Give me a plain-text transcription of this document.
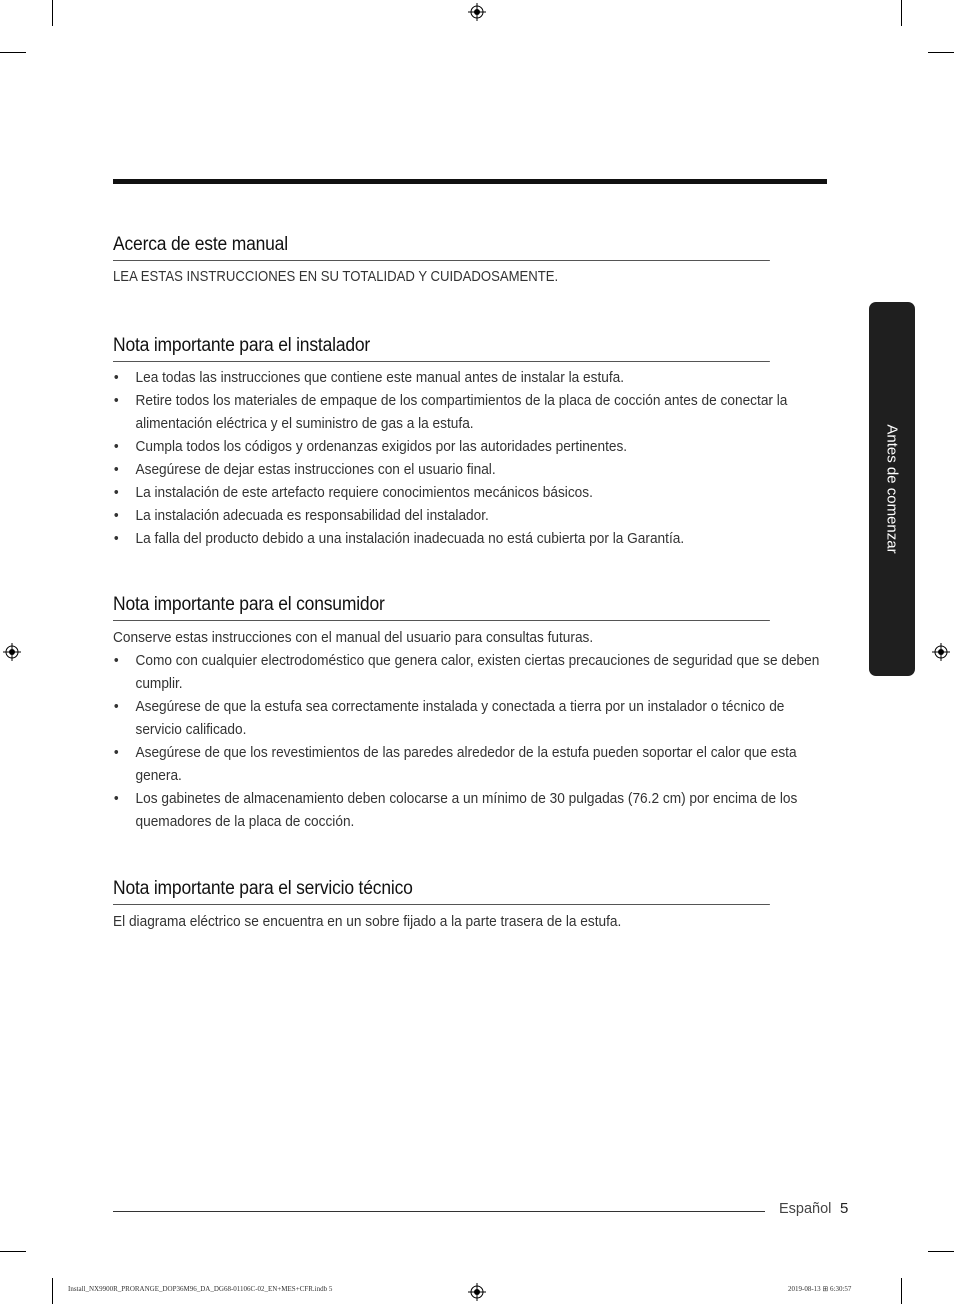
Acerca de este manual
LEA ESTAS INSTRUCCIONES EN SU TOTALIDAD Y CUIDADOSAMENTE.
Nota importante para el instalador
• Lea todas las instrucciones que contiene este manual antes de instalar la estufa.
• Retire todos los materiales de empaque de los compartimientos de la placa de cocción antes de conectar la alimentación eléctrica y el suministro de gas a la estufa.
• Cumpla todos los códigos y ordenanzas exigidos por las autoridades pertinentes.
• Asegúrese de dejar estas instrucciones con el usuario final.
• La instalación de este artefacto requiere conocimientos mecánicos básicos.
• La instalación adecuada es responsabilidad del instalador.
• La falla del producto debido a una instalación inadecuada no está cubierta por la Garantía.
Nota importante para el consumidor
Conserve estas instrucciones con el manual del usuario para consultas futuras.
• Como con cualquier electrodoméstico que genera calor, existen ciertas precauciones de seguridad que se deben cumplir.
• Asegúrese de que la estufa sea correctamente instalada y conectada a tierra por un instalador o técnico de servicio calificado.
• Asegúrese de que los revestimientos de las paredes alrededor de la estufa pueden soportar el calor que esta genera.
• Los gabinetes de almacenamiento deben colocarse a un mínimo de 30 pulgadas (76.2 cm) por encima de los quemadores de la placa de cocción.
Nota importante para el servicio técnico
El diagrama eléctrico se encuentra en un sobre fijado a la parte trasera de la estufa.
Antes de comenzar
Español 5
Install_NX9900R_PRORANGE_DOP36M96_DA_DG68-01106C-02_EN+MES+CFR.indb 5	2019-08-13 ⊞ 6:30:57
